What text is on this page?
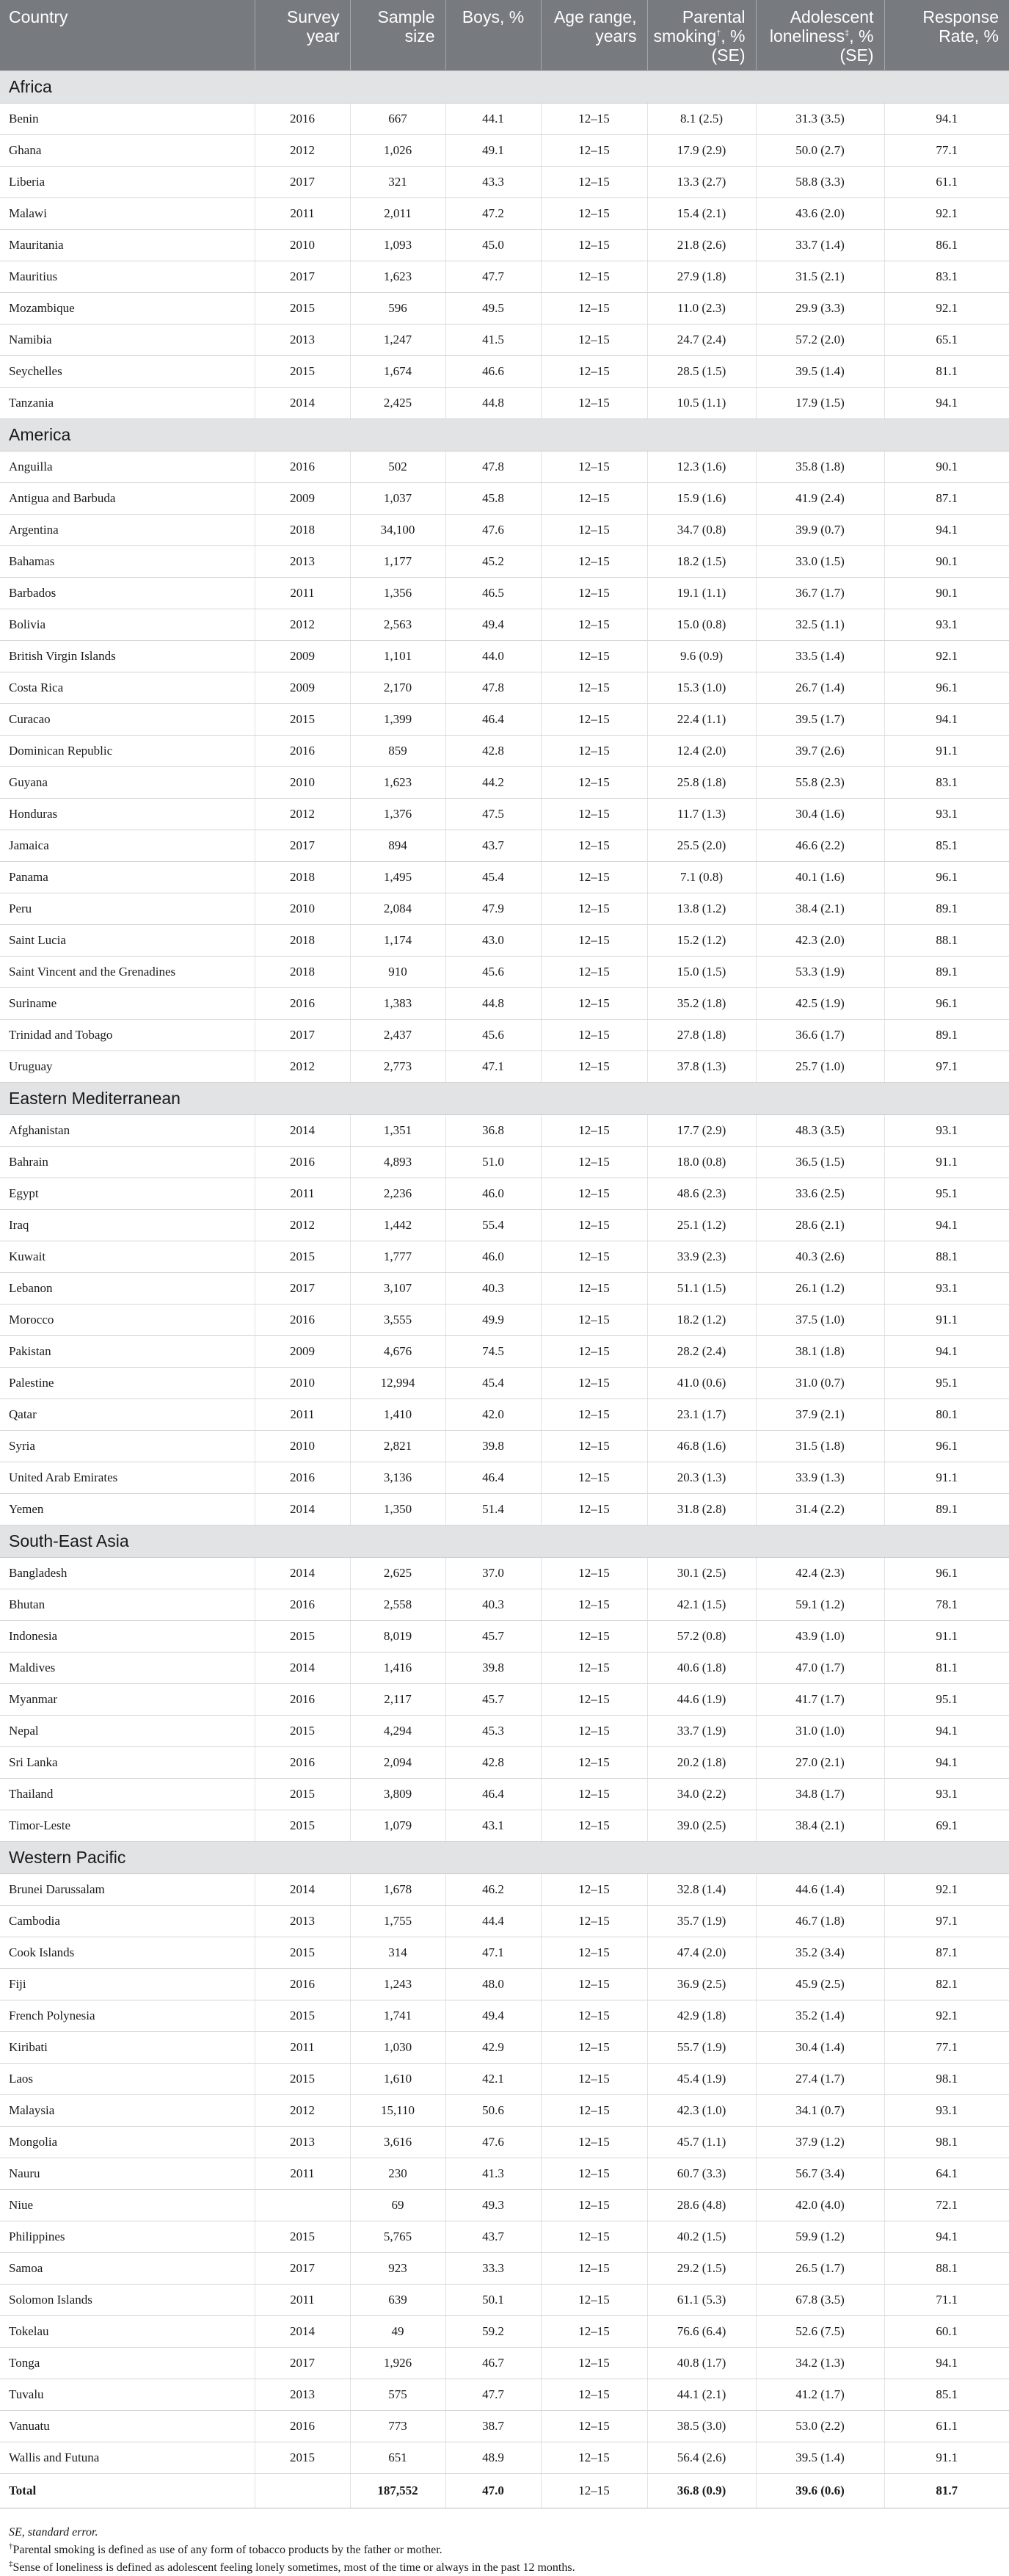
Country	Survey year	Sample size	Boys, %	Age range, years	Parental smoking†, %(SE)	Adolescent loneliness‡, %(SE)	Response Rate, %
Africa							
Benin	2016	667	44.1	12–15	8.1 (2.5)	31.3 (3.5)	94.1
Ghana	2012	1,026	49.1	12–15	17.9 (2.9)	50.0 (2.7)	77.1
Liberia	2017	321	43.3	12–15	13.3 (2.7)	58.8 (3.3)	61.1
Malawi	2011	2,011	47.2	12–15	15.4 (2.1)	43.6 (2.0)	92.1
Mauritania	2010	1,093	45.0	12–15	21.8 (2.6)	33.7 (1.4)	86.1
Mauritius	2017	1,623	47.7	12–15	27.9 (1.8)	31.5 (2.1)	83.1
Mozambique	2015	596	49.5	12–15	11.0 (2.3)	29.9 (3.3)	92.1
Namibia	2013	1,247	41.5	12–15	24.7 (2.4)	57.2 (2.0)	65.1
Seychelles	2015	1,674	46.6	12–15	28.5 (1.5)	39.5 (1.4)	81.1
Tanzania	2014	2,425	44.8	12–15	10.5 (1.1)	17.9 (1.5)	94.1
America							
Anguilla	2016	502	47.8	12–15	12.3 (1.6)	35.8 (1.8)	90.1
Antigua and Barbuda	2009	1,037	45.8	12–15	15.9 (1.6)	41.9 (2.4)	87.1
Argentina	2018	34,100	47.6	12–15	34.7 (0.8)	39.9 (0.7)	94.1
Bahamas	2013	1,177	45.2	12–15	18.2 (1.5)	33.0 (1.5)	90.1
Barbados	2011	1,356	46.5	12–15	19.1 (1.1)	36.7 (1.7)	90.1
Bolivia	2012	2,563	49.4	12–15	15.0 (0.8)	32.5 (1.1)	93.1
British Virgin Islands	2009	1,101	44.0	12–15	9.6 (0.9)	33.5 (1.4)	92.1
Costa Rica	2009	2,170	47.8	12–15	15.3 (1.0)	26.7 (1.4)	96.1
Curacao	2015	1,399	46.4	12–15	22.4 (1.1)	39.5 (1.7)	94.1
Dominican Republic	2016	859	42.8	12–15	12.4 (2.0)	39.7 (2.6)	91.1
Guyana	2010	1,623	44.2	12–15	25.8 (1.8)	55.8 (2.3)	83.1
Honduras	2012	1,376	47.5	12–15	11.7 (1.3)	30.4 (1.6)	93.1
Jamaica	2017	894	43.7	12–15	25.5 (2.0)	46.6 (2.2)	85.1
Panama	2018	1,495	45.4	12–15	7.1 (0.8)	40.1 (1.6)	96.1
Peru	2010	2,084	47.9	12–15	13.8 (1.2)	38.4 (2.1)	89.1
Saint Lucia	2018	1,174	43.0	12–15	15.2 (1.2)	42.3 (2.0)	88.1
Saint Vincent and the Grenadines	2018	910	45.6	12–15	15.0 (1.5)	53.3 (1.9)	89.1
Suriname	2016	1,383	44.8	12–15	35.2 (1.8)	42.5 (1.9)	96.1
Trinidad and Tobago	2017	2,437	45.6	12–15	27.8 (1.8)	36.6 (1.7)	89.1
Uruguay	2012	2,773	47.1	12–15	37.8 (1.3)	25.7 (1.0)	97.1
Eastern Mediterranean							
Afghanistan	2014	1,351	36.8	12–15	17.7 (2.9)	48.3 (3.5)	93.1
Bahrain	2016	4,893	51.0	12–15	18.0 (0.8)	36.5 (1.5)	91.1
Egypt	2011	2,236	46.0	12–15	48.6 (2.3)	33.6 (2.5)	95.1
Iraq	2012	1,442	55.4	12–15	25.1 (1.2)	28.6 (2.1)	94.1
Kuwait	2015	1,777	46.0	12–15	33.9 (2.3)	40.3 (2.6)	88.1
Lebanon	2017	3,107	40.3	12–15	51.1 (1.5)	26.1 (1.2)	93.1
Morocco	2016	3,555	49.9	12–15	18.2 (1.2)	37.5 (1.0)	91.1
Pakistan	2009	4,676	74.5	12–15	28.2 (2.4)	38.1 (1.8)	94.1
Palestine	2010	12,994	45.4	12–15	41.0 (0.6)	31.0 (0.7)	95.1
Qatar	2011	1,410	42.0	12–15	23.1 (1.7)	37.9 (2.1)	80.1
Syria	2010	2,821	39.8	12–15	46.8 (1.6)	31.5 (1.8)	96.1
United Arab Emirates	2016	3,136	46.4	12–15	20.3 (1.3)	33.9 (1.3)	91.1
Yemen	2014	1,350	51.4	12–15	31.8 (2.8)	31.4 (2.2)	89.1
South-East Asia							
Bangladesh	2014	2,625	37.0	12–15	30.1 (2.5)	42.4 (2.3)	96.1
Bhutan	2016	2,558	40.3	12–15	42.1 (1.5)	59.1 (1.2)	78.1
Indonesia	2015	8,019	45.7	12–15	57.2 (0.8)	43.9 (1.0)	91.1
Maldives	2014	1,416	39.8	12–15	40.6 (1.8)	47.0 (1.7)	81.1
Myanmar	2016	2,117	45.7	12–15	44.6 (1.9)	41.7 (1.7)	95.1
Nepal	2015	4,294	45.3	12–15	33.7 (1.9)	31.0 (1.0)	94.1
Sri Lanka	2016	2,094	42.8	12–15	20.2 (1.8)	27.0 (2.1)	94.1
Thailand	2015	3,809	46.4	12–15	34.0 (2.2)	34.8 (1.7)	93.1
Timor-Leste	2015	1,079	43.1	12–15	39.0 (2.5)	38.4 (2.1)	69.1
Western Pacific							
Brunei Darussalam	2014	1,678	46.2	12–15	32.8 (1.4)	44.6 (1.4)	92.1
Cambodia	2013	1,755	44.4	12–15	35.7 (1.9)	46.7 (1.8)	97.1
Cook Islands	2015	314	47.1	12–15	47.4 (2.0)	35.2 (3.4)	87.1
Fiji	2016	1,243	48.0	12–15	36.9 (2.5)	45.9 (2.5)	82.1
French Polynesia	2015	1,741	49.4	12–15	42.9 (1.8)	35.2 (1.4)	92.1
Kiribati	2011	1,030	42.9	12–15	55.7 (1.9)	30.4 (1.4)	77.1
Laos	2015	1,610	42.1	12–15	45.4 (1.9)	27.4 (1.7)	98.1
Malaysia	2012	15,110	50.6	12–15	42.3 (1.0)	34.1 (0.7)	93.1
Mongolia	2013	3,616	47.6	12–15	45.7 (1.1)	37.9 (1.2)	98.1
Nauru	2011	230	41.3	12–15	60.7 (3.3)	56.7 (3.4)	64.1
Niue		69	49.3	12–15	28.6 (4.8)	42.0 (4.0)	72.1
Philippines	2015	5,765	43.7	12–15	40.2 (1.5)	59.9 (1.2)	94.1
Samoa	2017	923	33.3	12–15	29.2 (1.5)	26.5 (1.7)	88.1
Solomon Islands	2011	639	50.1	12–15	61.1 (5.3)	67.8 (3.5)	71.1
Tokelau	2014	49	59.2	12–15	76.6 (6.4)	52.6 (7.5)	60.1
Tonga	2017	1,926	46.7	12–15	40.8 (1.7)	34.2 (1.3)	94.1
Tuvalu	2013	575	47.7	12–15	44.1 (2.1)	41.2 (1.7)	85.1
Vanuatu	2016	773	38.7	12–15	38.5 (3.0)	53.0 (2.2)	61.1
Wallis and Futuna	2015	651	48.9	12–15	56.4 (2.6)	39.5 (1.4)	91.1
Total		187,552	47.0	12–15	36.8 (0.9)	39.6 (0.6)	81.7
SE, standard error.
†Parental smoking is defined as use of any form of tobacco products by the father or mother.
‡Sense of loneliness is defined as adolescent feeling lonely sometimes, most of the time or always in the past 12 months.
